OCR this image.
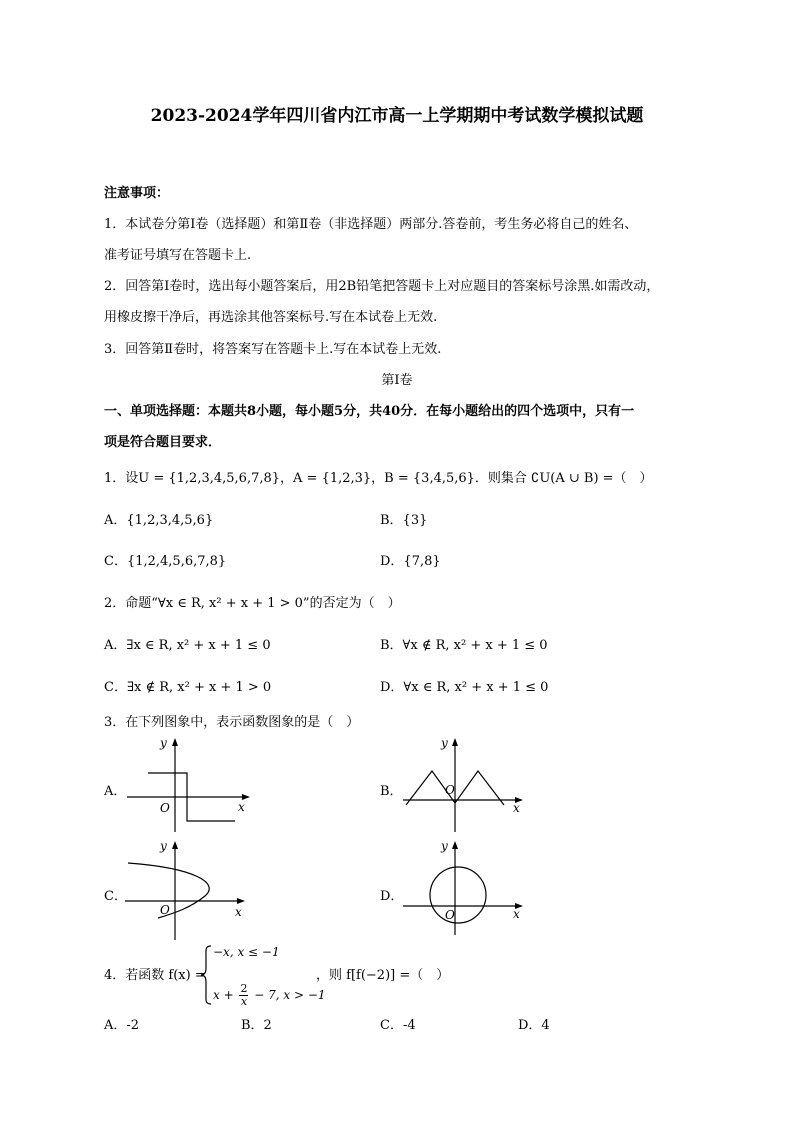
2023-2024学年四川省内江市高一上学期期中考试数学模拟试题
注意事项：
1．本试卷分第Ⅰ卷（选择题）和第Ⅱ卷（非选择题）两部分.答卷前，考生务必将自己的姓名、
准考证号填写在答题卡上.
2．回答第Ⅰ卷时，选出每小题答案后，用2B铅笔把答题卡上对应题目的答案标号涂黑.如需改动，
用橡皮擦干净后，再选涂其他答案标号.写在本试卷上无效.
3．回答第Ⅱ卷时，将答案写在答题卡上.写在本试卷上无效.
第Ⅰ卷
一、单项选择题：本题共8小题，每小题5分，共40分．在每小题给出的四个选项中，只有一
项是符合题目要求．
1．设U = {1,2,3,4,5,6,7,8}，A = {1,2,3}，B = {3,4,5,6}．则集合 ∁U(A ∪ B) =（　）
A．{1,2,3,4,5,6}	B．{3}
C．{1,2,4,5,6,7,8}	D．{7,8}
2．命题“∀x ∈ R, x² + x + 1 > 0”的否定为（　）
A．∃x ∈ R, x² + x + 1 ≤ 0	B．∀x ∉ R, x² + x + 1 ≤ 0
C．∃x ∉ R, x² + x + 1 > 0	D．∀x ∈ R, x² + x + 1 ≤ 0
3．在下列图象中，表示函数图象的是（　）
A．
y
x
O
B．
y
x
O
C．
y
x
O
D．
y
x
O
4．若函数 f(x) =
−x, x ≤ −1
$x + \frac{2}{x} - 7$, x > −1
，则 f[f(−2)] =（　）
A．-2	B．2	C．-4	D．4
